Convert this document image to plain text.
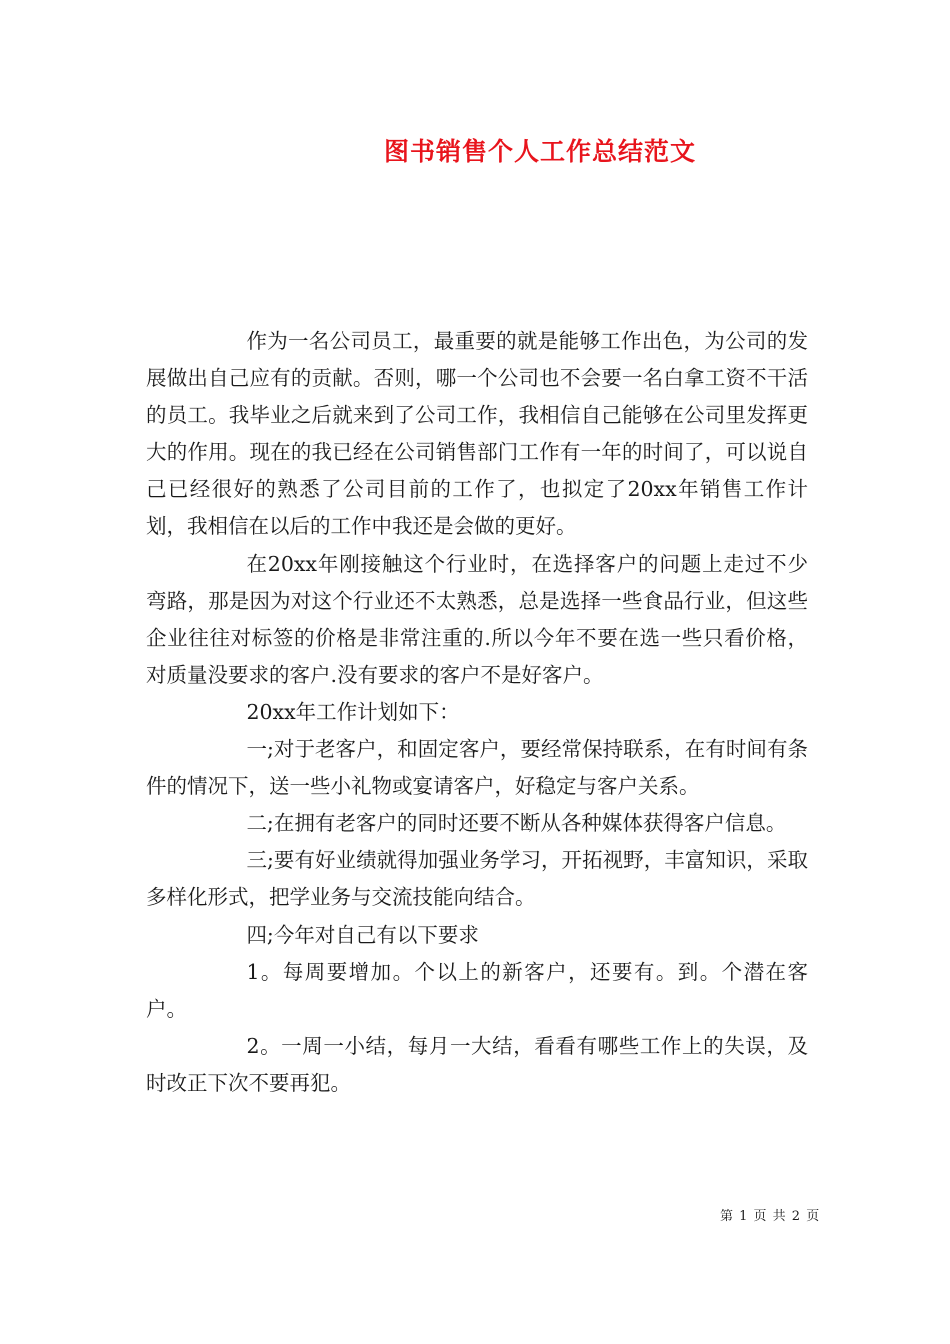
图书销售个人工作总结范文

作为一名公司员工，最重要的就是能够工作出色，为公司的发展做出自己应有的贡献。否则，哪一个公司也不会要一名白拿工资不干活的员工。我毕业之后就来到了公司工作，我相信自己能够在公司里发挥更大的作用。现在的我已经在公司销售部门工作有一年的时间了，可以说自己已经很好的熟悉了公司目前的工作了，也拟定了20xx年销售工作计划，我相信在以后的工作中我还是会做的更好。

在20xx年刚接触这个行业时，在选择客户的问题上走过不少弯路，那是因为对这个行业还不太熟悉，总是选择一些食品行业，但这些企业往往对标签的价格是非常注重的.所以今年不要在选一些只看价格，对质量没要求的客户.没有要求的客户不是好客户。

20xx年工作计划如下：

一;对于老客户，和固定客户，要经常保持联系，在有时间有条件的情况下，送一些小礼物或宴请客户，好稳定与客户关系。

二;在拥有老客户的同时还要不断从各种媒体获得客户信息。

三;要有好业绩就得加强业务学习，开拓视野，丰富知识，采取多样化形式，把学业务与交流技能向结合。

四;今年对自己有以下要求

1。每周要增加。个以上的新客户，还要有。到。个潜在客户。

2。一周一小结，每月一大结，看看有哪些工作上的失误，及时改正下次不要再犯。

第 1 页 共 2 页
